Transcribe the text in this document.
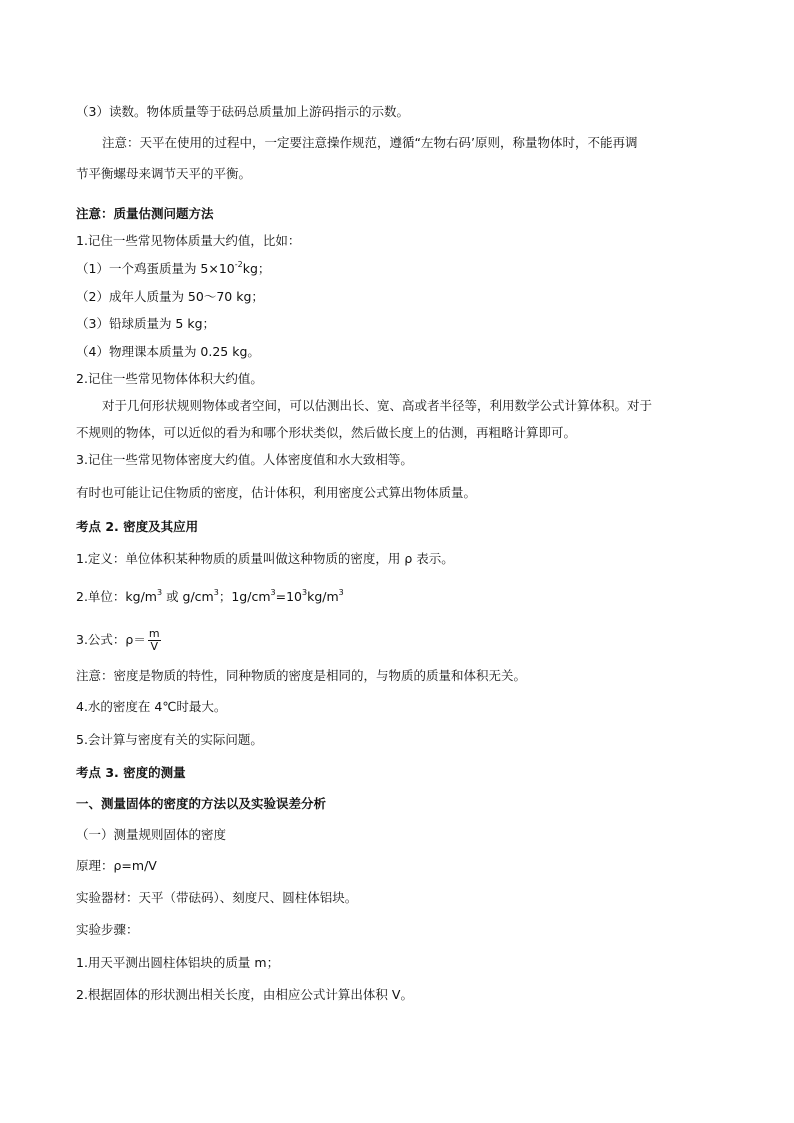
（3）读数。物体质量等于砝码总质量加上游码指示的示数。
注意：天平在使用的过程中，一定要注意操作规范，遵循“左物右码’原则，称量物体时，不能再调
节平衡螺母来调节天平的平衡。
注意：质量估测问题方法
1.记住一些常见物体质量大约值，比如：
（1）一个鸡蛋质量为 $5\times 10^{-2}kg$；
（2）成年人质量为 50～70 kg；
（3）铅球质量为 5 kg；
（4）物理课本质量为 0.25 kg。
2.记住一些常见物体体积大约值。
对于几何形状规则物体或者空间，可以估测出长、宽、高或者半径等，利用数学公式计算体积。对于
不规则的物体，可以近似的看为和哪个形状类似，然后做长度上的估测，再粗略计算即可。
3.记住一些常见物体密度大约值。人体密度值和水大致相等。
有时也可能让记住物质的密度，估计体积，利用密度公式算出物体质量。
考点 2. 密度及其应用
1.定义：单位体积某种物质的质量叫做这种物质的密度，用 ρ 表示。
2.单位：$kg/m^3$ 或 $g/cm^3$；$1g/cm^3=10^3kg/m^3$
3.公式：$\rho= \frac{m}{V}$
注意：密度是物质的特性，同种物质的密度是相同的，与物质的质量和体积无关。
4.水的密度在 4℃时最大。
5.会计算与密度有关的实际问题。
考点 3. 密度的测量
一、测量固体的密度的方法以及实验误差分析
（一）测量规则固体的密度
原理：ρ=m/V
实验器材：天平（带砝码）、刻度尺、圆柱体铝块。
实验步骤：
1.用天平测出圆柱体铝块的质量 m；
2.根据固体的形状测出相关长度，由相应公式计算出体积 V。
